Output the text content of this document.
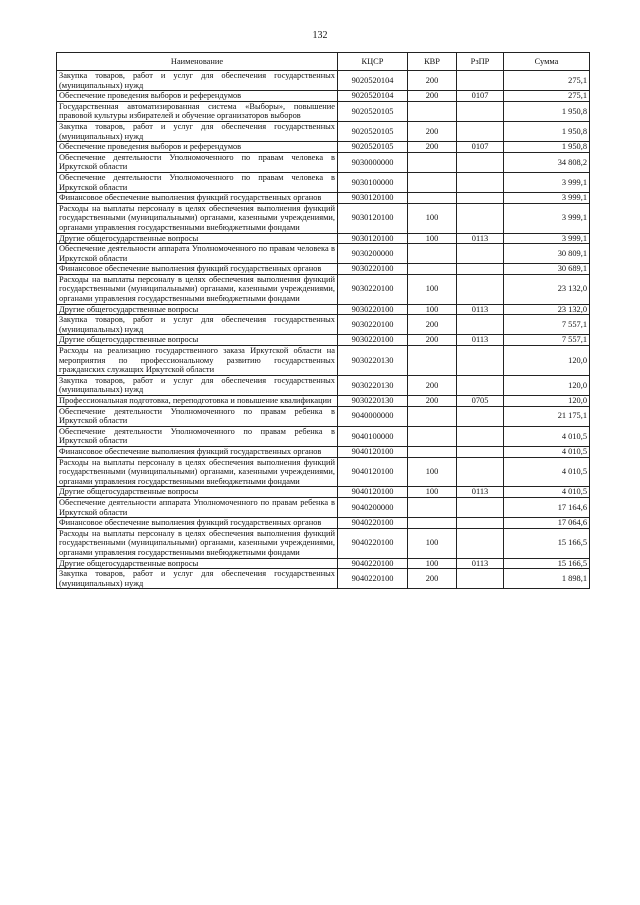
132
Наименование	КЦСР	КВР	РзПР	Сумма
Закупка товаров, работ и услуг для обеспечения государственных (муниципальных) нужд	9020520104	200		275,1
Обеспечение проведения выборов и референдумов	9020520104	200	0107	275,1
Государственная автоматизированная система «Выборы», повышение правовой культуры избирателей и обучение организаторов выборов	9020520105			1 950,8
Закупка товаров, работ и услуг для обеспечения государственных (муниципальных) нужд	9020520105	200		1 950,8
Обеспечение проведения выборов и референдумов	9020520105	200	0107	1 950,8
Обеспечение деятельности Уполномоченного по правам человека в Иркутской области	9030000000			34 808,2
Обеспечение деятельности Уполномоченного по правам человека в Иркутской области	9030100000			3 999,1
Финансовое обеспечение выполнения функций государственных органов	9030120100			3 999,1
Расходы на выплаты персоналу в целях обеспечения выполнения функций государственными (муниципальными) органами, казенными учреждениями, органами управления государственными внебюджетными фондами	9030120100	100		3 999,1
Другие общегосударственные вопросы	9030120100	100	0113	3 999,1
Обеспечение деятельности аппарата Уполномоченного по правам человека в Иркутской области	9030200000			30 809,1
Финансовое обеспечение выполнения функций государственных органов	9030220100			30 689,1
Расходы на выплаты персоналу в целях обеспечения выполнения функций государственными (муниципальными) органами, казенными учреждениями, органами управления государственными внебюджетными фондами	9030220100	100		23 132,0
Другие общегосударственные вопросы	9030220100	100	0113	23 132,0
Закупка товаров, работ и услуг для обеспечения государственных (муниципальных) нужд	9030220100	200		7 557,1
Другие общегосударственные вопросы	9030220100	200	0113	7 557,1
Расходы на реализацию государственного заказа Иркутской области на мероприятия по профессиональному развитию государственных гражданских служащих Иркутской области	9030220130			120,0
Закупка товаров, работ и услуг для обеспечения государственных (муниципальных) нужд	9030220130	200		120,0
Профессиональная подготовка, переподготовка и повышение квалификации	9030220130	200	0705	120,0
Обеспечение деятельности Уполномоченного по правам ребенка в Иркутской области	9040000000			21 175,1
Обеспечение деятельности Уполномоченного по правам ребенка в Иркутской области	9040100000			4 010,5
Финансовое обеспечение выполнения функций государственных органов	9040120100			4 010,5
Расходы на выплаты персоналу в целях обеспечения выполнения функций государственными (муниципальными) органами, казенными учреждениями, органами управления государственными внебюджетными фондами	9040120100	100		4 010,5
Другие общегосударственные вопросы	9040120100	100	0113	4 010,5
Обеспечение деятельности аппарата Уполномоченного по правам ребенка в Иркутской области	9040200000			17 164,6
Финансовое обеспечение выполнения функций государственных органов	9040220100			17 064,6
Расходы на выплаты персоналу в целях обеспечения выполнения функций государственными (муниципальными) органами, казенными учреждениями, органами управления государственными внебюджетными фондами	9040220100	100		15 166,5
Другие общегосударственные вопросы	9040220100	100	0113	15 166,5
Закупка товаров, работ и услуг для обеспечения государственных (муниципальных) нужд	9040220100	200		1 898,1
